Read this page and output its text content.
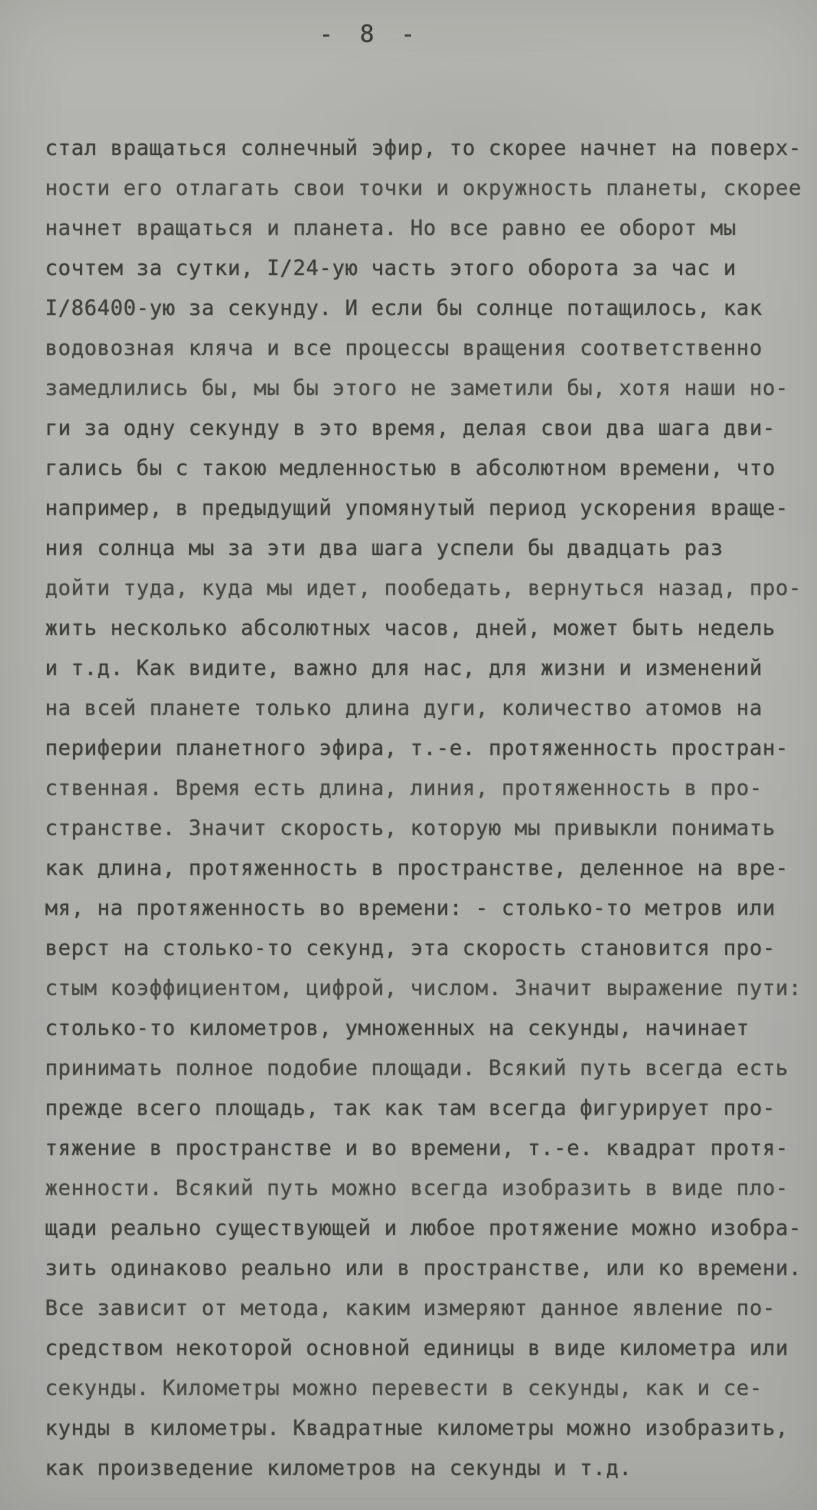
- 8 -
стал вращаться солнечный эфир, то скорее начнет на поверх-
ности его отлагать свои точки и окружность планеты, скорее
начнет вращаться и планета. Но все равно ее оборот мы
сочтем за сутки, I/24-ую часть этого оборота за час и
I/86400-ую за секунду. И если бы солнце потащилось, как
водовозная кляча и все процессы вращения соответственно
замедлились бы, мы бы этого не заметили бы, хотя наши но-
ги за одну секунду в это время, делая свои два шага дви-
гались бы с такою медленностью в абсолютном времени, что
например, в предыдущий упомянутый период ускорения враще-
ния солнца мы за эти два шага успели бы двадцать раз
дойти туда, куда мы идет, пообедать, вернуться назад, про-
жить несколько абсолютных часов, дней, может быть недель
и т.д. Как видите, важно для нас, для жизни и изменений
на всей планете только длина дуги, количество атомов на
периферии планетного эфира, т.-е. протяженность простран-
ственная. Время есть длина, линия, протяженность в про-
странстве. Значит скорость, которую мы привыкли понимать
как длина, протяженность в пространстве, деленное на вре-
мя, на протяженность во времени: - столько-то метров или
верст на столько-то секунд, эта скорость становится про-
стым коэффициентом, цифрой, числом. Значит выражение пути:
столько-то километров, умноженных на секунды, начинает
принимать полное подобие площади. Всякий путь всегда есть
прежде всего площадь, так как там всегда фигурирует про-
тяжение в пространстве и во времени, т.-е. квадрат протя-
женности. Всякий путь можно всегда изобразить в виде пло-
щади реально существующей и любое протяжение можно изобра-
зить одинаково реально или в пространстве, или ко времени.
Все зависит от метода, каким измеряют данное явление по-
средством некоторой основной единицы в виде километра или
секунды. Километры можно перевести в секунды, как и се-
кунды в километры. Квадратные километры можно изобразить,
как произведение километров на секунды и т.д.
